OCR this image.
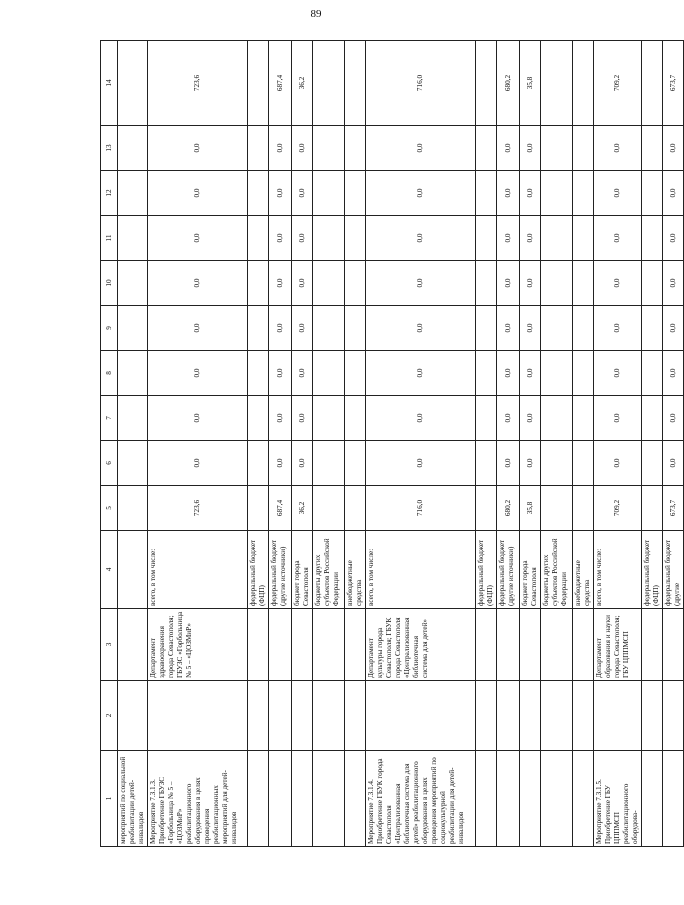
89
1	2	3	4	5	6	7	8	9	10	11	12	13	14
мероприятий по социальной реабилитации детей-инвалидов													
Мероприятие 7.3.1.3. Приобретение ГБУЗС «Горбольница № 5 – «ЦОЗМиР» реабилитационного оборудования в целях проведения реабилитационных мероприятий для детей-инвалидов		Департамент здравоохранения города Севастополя; ГБУЗС «Горбольница № 5 – «ЦОЗМиР»	всего, в том числе:	723,6	0,0	0,0	0,0	0,0	0,0	0,0	0,0	0,0	723,6
			федеральный бюджет (ФЦП)										
			федеральный бюджет (другие источники)	687,4	0,0	0,0	0,0	0,0	0,0	0,0	0,0	0,0	687,4
			бюджет города Севастополя	36,2	0,0	0,0	0,0	0,0	0,0	0,0	0,0	0,0	36,2
			бюджеты других субъектов Российской Федерации										
			внебюджетные средства										
Мероприятие 7.3.1.4. Приобретение ГБУК города Севастополя «Централизованная библиотечная система для детей» реабилитационного оборудования в целях проведения мероприятий по социокультурной реабилитации для детей-инвалидов		Департамент культуры города Севастополя; ГБУК города Севастополя «Централизованная библиотечная система для детей»	всего, в том числе:	716,0	0,0	0,0	0,0	0,0	0,0	0,0	0,0	0,0	716,0
			федеральный бюджет (ФЦП)										
			федеральный бюджет (другие источники)	680,2	0,0	0,0	0,0	0,0	0,0	0,0	0,0	0,0	680,2
			бюджет города Севастополя	35,8	0,0	0,0	0,0	0,0	0,0	0,0	0,0	0,0	35,8
			бюджеты других субъектов Российской Федерации										
			внебюджетные средства										
Мероприятие 7.3.1.5. Приобретение ГБУ ЦППМСП реабилитационного оборудова-		Департамент образования и науки города Севастополя; ГБУ ЦППМСП	всего, в том числе:	709,2	0,0	0,0	0,0	0,0	0,0	0,0	0,0	0,0	709,2
			федеральный бюджет (ФЦП)										
			федеральный бюджет (другие	673,7	0,0	0,0	0,0	0,0	0,0	0,0	0,0	0,0	673,7
